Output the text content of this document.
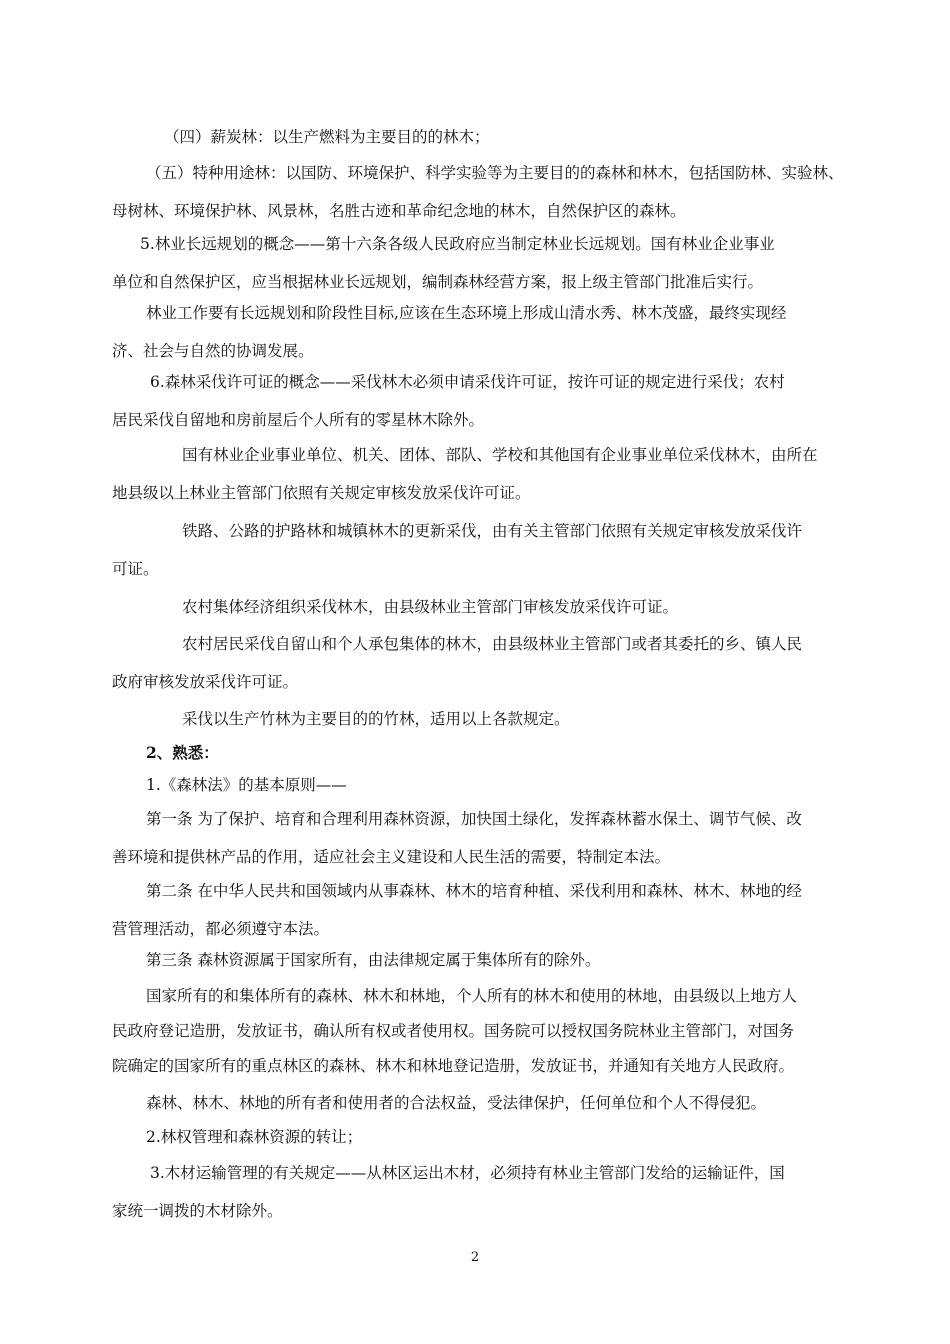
（四）薪炭林：以生产燃料为主要目的的林木；
（五）特种用途林：以国防、环境保护、科学实验等为主要目的的森林和林木，包括国防林、实验林、
母树林、环境保护林、风景林，名胜古迹和革命纪念地的林木，自然保护区的森林。
5.林业长远规划的概念——第十六条各级人民政府应当制定林业长远规划。国有林业企业事业
单位和自然保护区，应当根据林业长远规划，编制森林经营方案，报上级主管部门批准后实行。
林业工作要有长远规划和阶段性目标,应该在生态环境上形成山清水秀、林木茂盛，最终实现经
济、社会与自然的协调发展。
6.森林采伐许可证的概念——采伐林木必须申请采伐许可证，按许可证的规定进行采伐；农村
居民采伐自留地和房前屋后个人所有的零星林木除外。
国有林业企业事业单位、机关、团体、部队、学校和其他国有企业事业单位采伐林木，由所在
地县级以上林业主管部门依照有关规定审核发放采伐许可证。
铁路、公路的护路林和城镇林木的更新采伐，由有关主管部门依照有关规定审核发放采伐许
可证。
农村集体经济组织采伐林木，由县级林业主管部门审核发放采伐许可证。
农村居民采伐自留山和个人承包集体的林木，由县级林业主管部门或者其委托的乡、镇人民
政府审核发放采伐许可证。
采伐以生产竹林为主要目的的竹林，适用以上各款规定。
2、熟悉：
1.《森林法》的基本原则——
第一条 为了保护、培育和合理利用森林资源，加快国土绿化，发挥森林蓄水保土、调节气候、改
善环境和提供林产品的作用，适应社会主义建设和人民生活的需要，特制定本法。
第二条 在中华人民共和国领域内从事森林、林木的培育种植、采伐利用和森林、林木、林地的经
营管理活动，都必须遵守本法。
第三条 森林资源属于国家所有，由法律规定属于集体所有的除外。
国家所有的和集体所有的森林、林木和林地，个人所有的林木和使用的林地，由县级以上地方人
民政府登记造册，发放证书，确认所有权或者使用权。国务院可以授权国务院林业主管部门，对国务
院确定的国家所有的重点林区的森林、林木和林地登记造册，发放证书，并通知有关地方人民政府。
森林、林木、林地的所有者和使用者的合法权益，受法律保护，任何单位和个人不得侵犯。
2.林权管理和森林资源的转让；
3.木材运输管理的有关规定——从林区运出木材，必须持有林业主管部门发给的运输证件，国
家统一调拨的木材除外。
2
